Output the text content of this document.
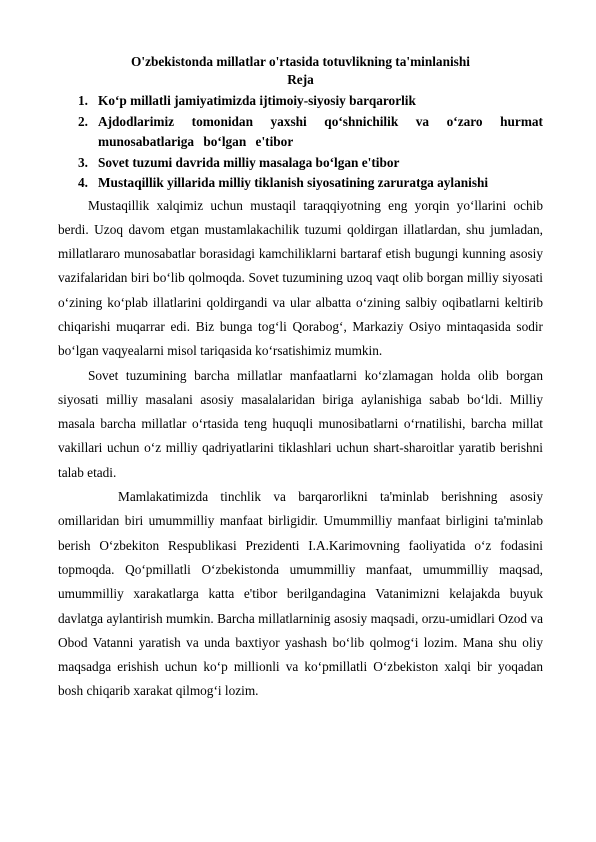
O'zbekistonda millatlar o'rtasida totuvlikning ta'minlanishi

Reja

1. Ko‘p millatli jamiyatimizda ijtimoiy-siyosiy barqarorlik
2. Ajdodlarimiz tomonidan yaxshi qo‘shnichilik va o‘zaro hurmat munosabatlariga bo‘lgan e'tibor
3. Sovet tuzumi davrida milliy masalaga bo‘lgan e'tibor
4. Mustaqillik yillarida milliy tiklanish siyosatining zaruratga aylanishi

Mustaqillik xalqimiz uchun mustaqil taraqqiyotning eng yorqin yo‘llarini ochib berdi. Uzoq davom etgan mustamlakachilik tuzumi qoldirgan illatlardan, shu jumladan, millatlararo munosabatlar borasidagi kamchiliklarni bartaraf etish bugungi kunning asosiy vazifalaridan biri bo‘lib qolmoqda. Sovet tuzumining uzoq vaqt olib borgan milliy siyosati o‘zining ko‘plab illatlarini qoldirgandi va ular albatta o‘zining salbiy oqibatlarni keltirib chiqarishi muqarrar edi. Biz bunga tog‘li Qorabog‘, Markaziy Osiyo mintaqasida sodir bo‘lgan vaqyealarni misol tariqasida ko‘rsatishimiz mumkin.

Sovet tuzumining barcha millatlar manfaatlarni ko‘zlamagan holda olib borgan siyosati milliy masalani asosiy masalalaridan biriga aylanishiga sabab bo‘ldi. Milliy masala barcha millatlar o‘rtasida teng huquqli munosibatlarni o‘rnatilishi, barcha millat vakillari uchun o‘z milliy qadriyatlarini tiklashlari uchun shart-sharoitlar yaratib berishni talab etadi.

Mamlakatimizda tinchlik va barqarorlikni ta'minlab berishning asosiy omillaridan biri umummilliy manfaat birligidir. Umummilliy manfaat birligini ta'minlab berish O‘zbekiton Respublikasi Prezidenti I.A.Karimovning faoliyatida o‘z fodasini topmoqda. Qo‘pmillatli O‘zbekistonda umummilliy manfaat, umummilliy maqsad, umummilliy xarakatlarga katta e'tibor berilgandagina Vatanimizni kelajakda buyuk davlatga aylantirish mumkin. Barcha millatlarninig asosiy maqsadi, orzu-umidlari Ozod va Obod Vatanni yaratish va unda baxtiyor yashash bo‘lib qolmog‘i lozim. Mana shu oliy maqsadga erishish uchun ko‘p millionli va ko‘pmillatli O‘zbekiston xalqi bir yoqadan bosh chiqarib xarakat qilmog‘i lozim.
